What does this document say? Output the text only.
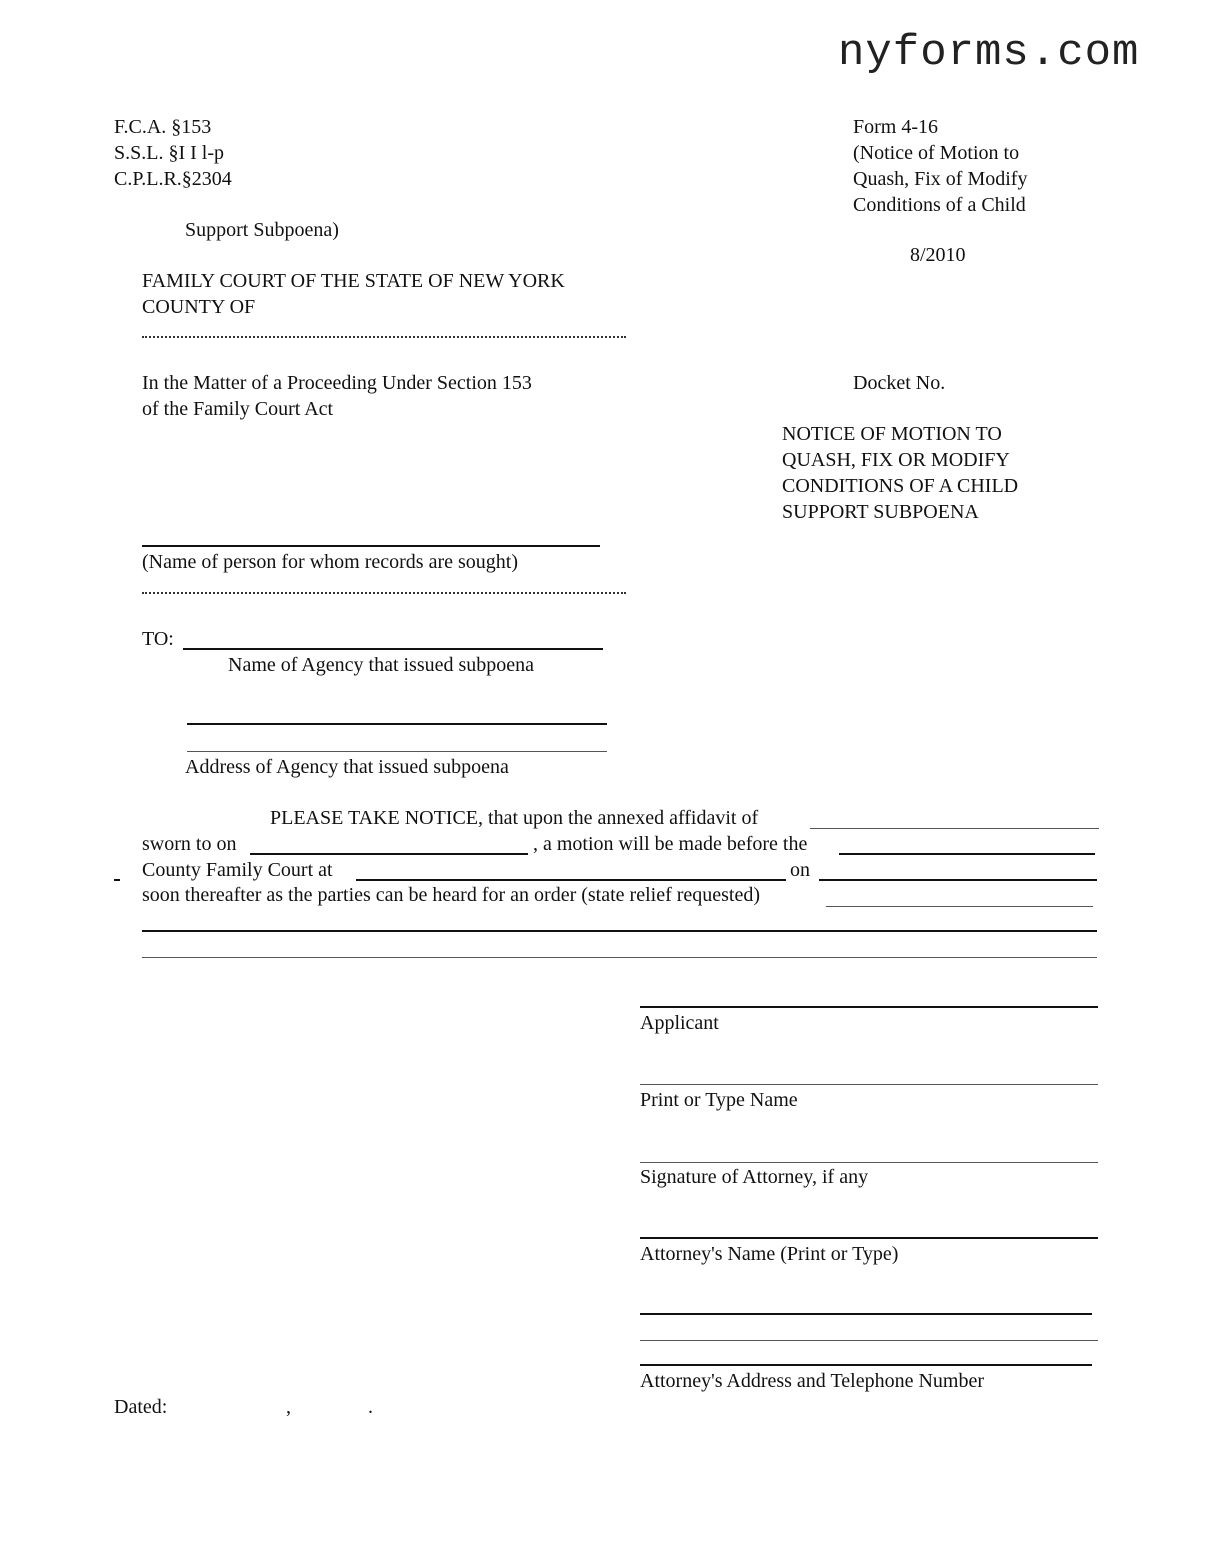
nyforms.com
F.C.A. §153
S.S.L. §I I l-p
C.P.L.R.§2304
Form 4-16
(Notice of Motion to
Quash, Fix of Modify
Conditions of a Child
Support Subpoena)
8/2010
FAMILY COURT OF THE STATE OF NEW YORK
COUNTY OF
In the Matter of a Proceeding Under Section 153
of the Family Court Act
Docket No.
NOTICE OF MOTION TO
QUASH, FIX OR MODIFY
CONDITIONS OF A CHILD
SUPPORT SUBPOENA
(Name of person for whom records are sought)
TO:
Name of Agency that issued subpoena
Address of Agency that issued subpoena
PLEASE TAKE NOTICE, that upon the annexed affidavit of
sworn to on	, a motion will be made before the
County Family Court at	on
soon thereafter as the parties can be heard for an order (state relief requested)
Applicant
Print or Type Name
Signature of Attorney, if any
Attorney's Name (Print or Type)
Attorney's Address and Telephone Number
Dated:	,	.
